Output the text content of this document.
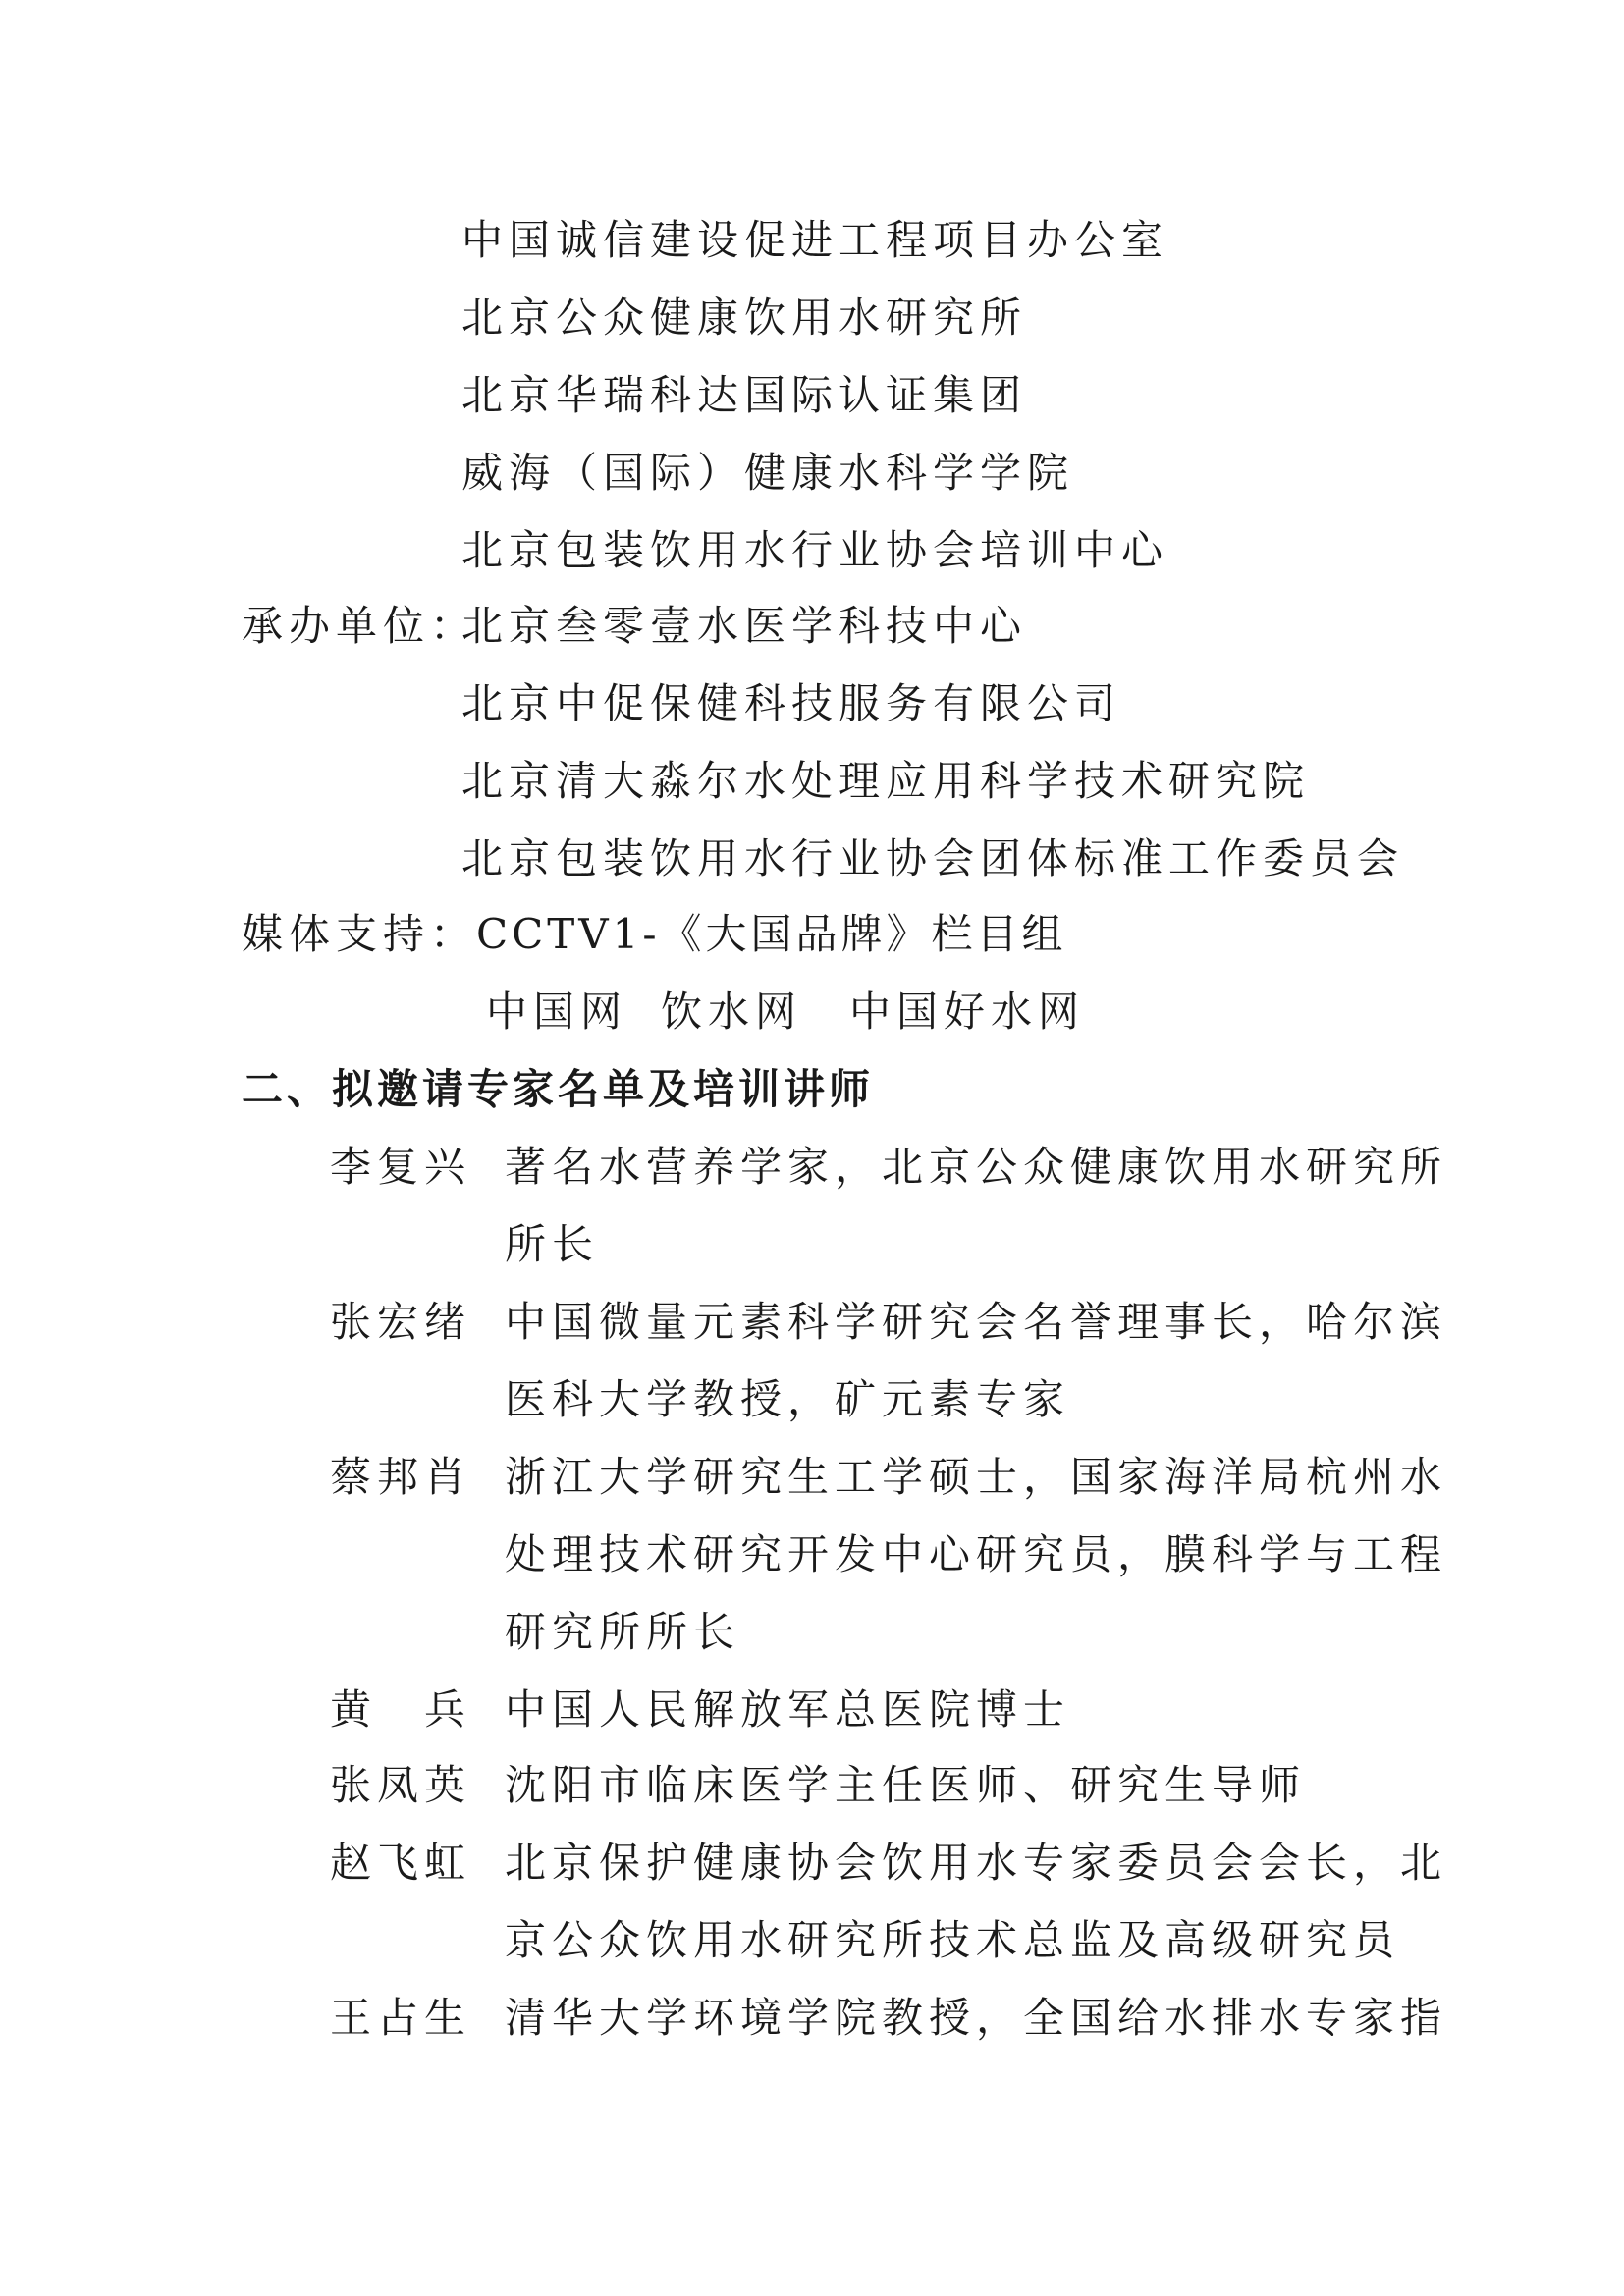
中国诚信建设促进工程项目办公室
北京公众健康饮用水研究所
北京华瑞科达国际认证集团
威海（国际）健康水科学学院
北京包装饮用水行业协会培训中心
承办单位：
北京叁零壹水医学科技中心
北京中促保健科技服务有限公司
北京清大淼尔水处理应用科学技术研究院
北京包装饮用水行业协会团体标准工作委员会
媒体支持：
CCTV1-《大国品牌》栏目组
中国网 饮水网 中国好水网
二、拟邀请专家名单及培训讲师
李复兴 著名水营养学家，北京公众健康饮用水研究所
所长
张宏绪 中国微量元素科学研究会名誉理事长，哈尔滨
医科大学教授，矿元素专家
蔡邦肖 浙江大学研究生工学硕士，国家海洋局杭州水
处理技术研究开发中心研究员，膜科学与工程
研究所所长
黄　兵 中国人民解放军总医院博士
张凤英 沈阳市临床医学主任医师、研究生导师
赵飞虹 北京保护健康协会饮用水专家委员会会长，北
京公众饮用水研究所技术总监及高级研究员
王占生 清华大学环境学院教授，全国给水排水专家指
